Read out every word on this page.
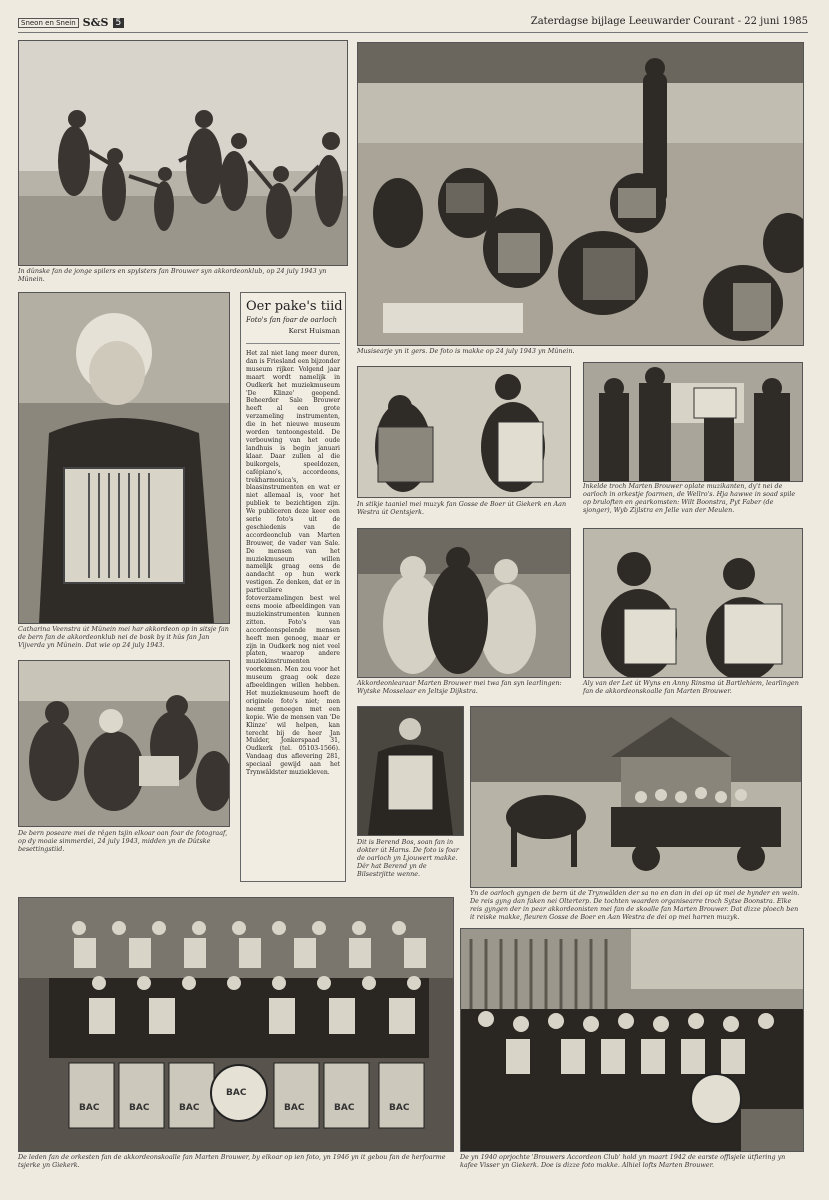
Sneon en Snein S&S 5	Zaterdagse bijlage Leeuwarder Courant - 22 juni 1985
In dûnske fan de jonge spilers en spylsters fan Brouwer syn akkordeonklub, op 24 july 1943 yn Mûnein.
Musisearje yn it gers. De foto is makke op 24 july 1943 yn Mûnein.
Catharina Veenstra út Mûnein mei har akkordeon op in sitsje fan de bern fan de akkordeonklub nei de bosk by it hûs fan Jan Vijverda yn Mûnein. Dat wie op 24 july 1943.
Oer pake's tiid
Foto's fan foar de oarloch
Kerst Huisman
Het zal niet lang meer duren, dan is Friesland een bijzonder museum rijker. Volgend jaar maart wordt namelijk in Oudkerk het muziekmuseum 'De Klinze' geopend. Beheerder Sale Brouwer heeft al een grote verzameling instrumenten, die in het nieuwe museum worden tentoongesteld. De verbouwing van het oude landhuis is begin januari klaar. Daar zullen al die buikorgels, speeldozen, cafépiano's, accordeons, trekharmonica's, blaasinstrumenten en wat er niet allemaal is, voor het publiek te bezichtigen zijn. We publiceren deze keer een serie foto's uit de geschiedenis van de accordeonclub van Marten Brouwer, de vader van Sale. De mensen van het muziekmuseum willen namelijk graag eens de aandacht op hun werk vestigen. Ze denken, dat er in particuliere fotoverzamelingen best wel eens mooie afbeeldingen van muziekinstrumenten kunnen zitten. Foto's van accordeonspelende mensen heeft men genoeg, maar er zijn in Oudkerk nog niet veel platen, waarop andere muziekinstrumenten voorkomen. Men zou voor het museum graag ook deze afbeeldingen willen hebben. Het muziekmuseum hoeft de originele foto's niet; men neemt genoegen met een kopie. Wie de mensen van 'De Klinze' wil helpen, kan terecht bij de heer Jan Mulder, Jonkerspaad 31, Oudkerk (tel. 05103-1566). Vandaag dus aflevering 281, speciaal gewijd aan het Trynwâldster muziekleven.
De bern poseare mei de rêgen tsjin elkoar oan foar de fotograaf, op dy moaie simmerdei, 24 july 1943, midden yn de Dûtske besettingstiid.
In stikje taaniel mei muzyk fan Gosse de Boer út Giekerk en Aan Westra út Oentsjerk.
Inkelde troch Marten Brouwer oplate muzikanten, dy't nei de oarloch in orkestje foarmen, de Wellro's. Hja hawwe in soad spile op bruloften en gearkomsten: Wilt Boonstra, Pyt Faber (de sjonger), Wyb Zijlstra en Jelle van der Meulen.
Akkordeonlearaar Marten Brouwer mei twa fan syn learlingen: Wytske Mosselaar en Jeltsje Dijkstra.
Aly van der Let út Wyns en Anny Rinsma út Bartlehiem, learlingen fan de akkordeonskoalle fan Marten Brouwer.
Dit is Berend Bos, soan fan in dokter út Harns. De foto is foar de oarloch yn Ljouwert makke. Dêr hat Berend yn de Bilsestrjitte wenne.
Yn de oarloch gyngen de bern út de Trynwâlden der sa no en dan in dei op út mei de hynder en wein. De reis gyng dan faken nei Olterterp. De tochten waarden organisearre troch Sytse Boonstra. Elke reis gyngen der in pear akkordeonisten mei fan de skoalle fan Marten Brouwer. Dat dizze ploech ben it reiske makke, fleuren Gosse de Boer en Aan Westra de dei op mei harren muzyk.
BAC	BAC	BAC
BAC
BAC	BAC	BAC
De leden fan de orkesten fan de akkordeonskoalle fan Marten Brouwer, by elkoar op ien foto, yn 1946 yn it gebou fan de herfoarme tsjerke yn Giekerk.
De yn 1940 oprjochte 'Brouwers Accordeon Club' hold yn maart 1942 de earste offisjele útfiering yn kafee Visser yn Giekerk. Doe is dizze foto makke. Alhiel lofts Marten Brouwer.
